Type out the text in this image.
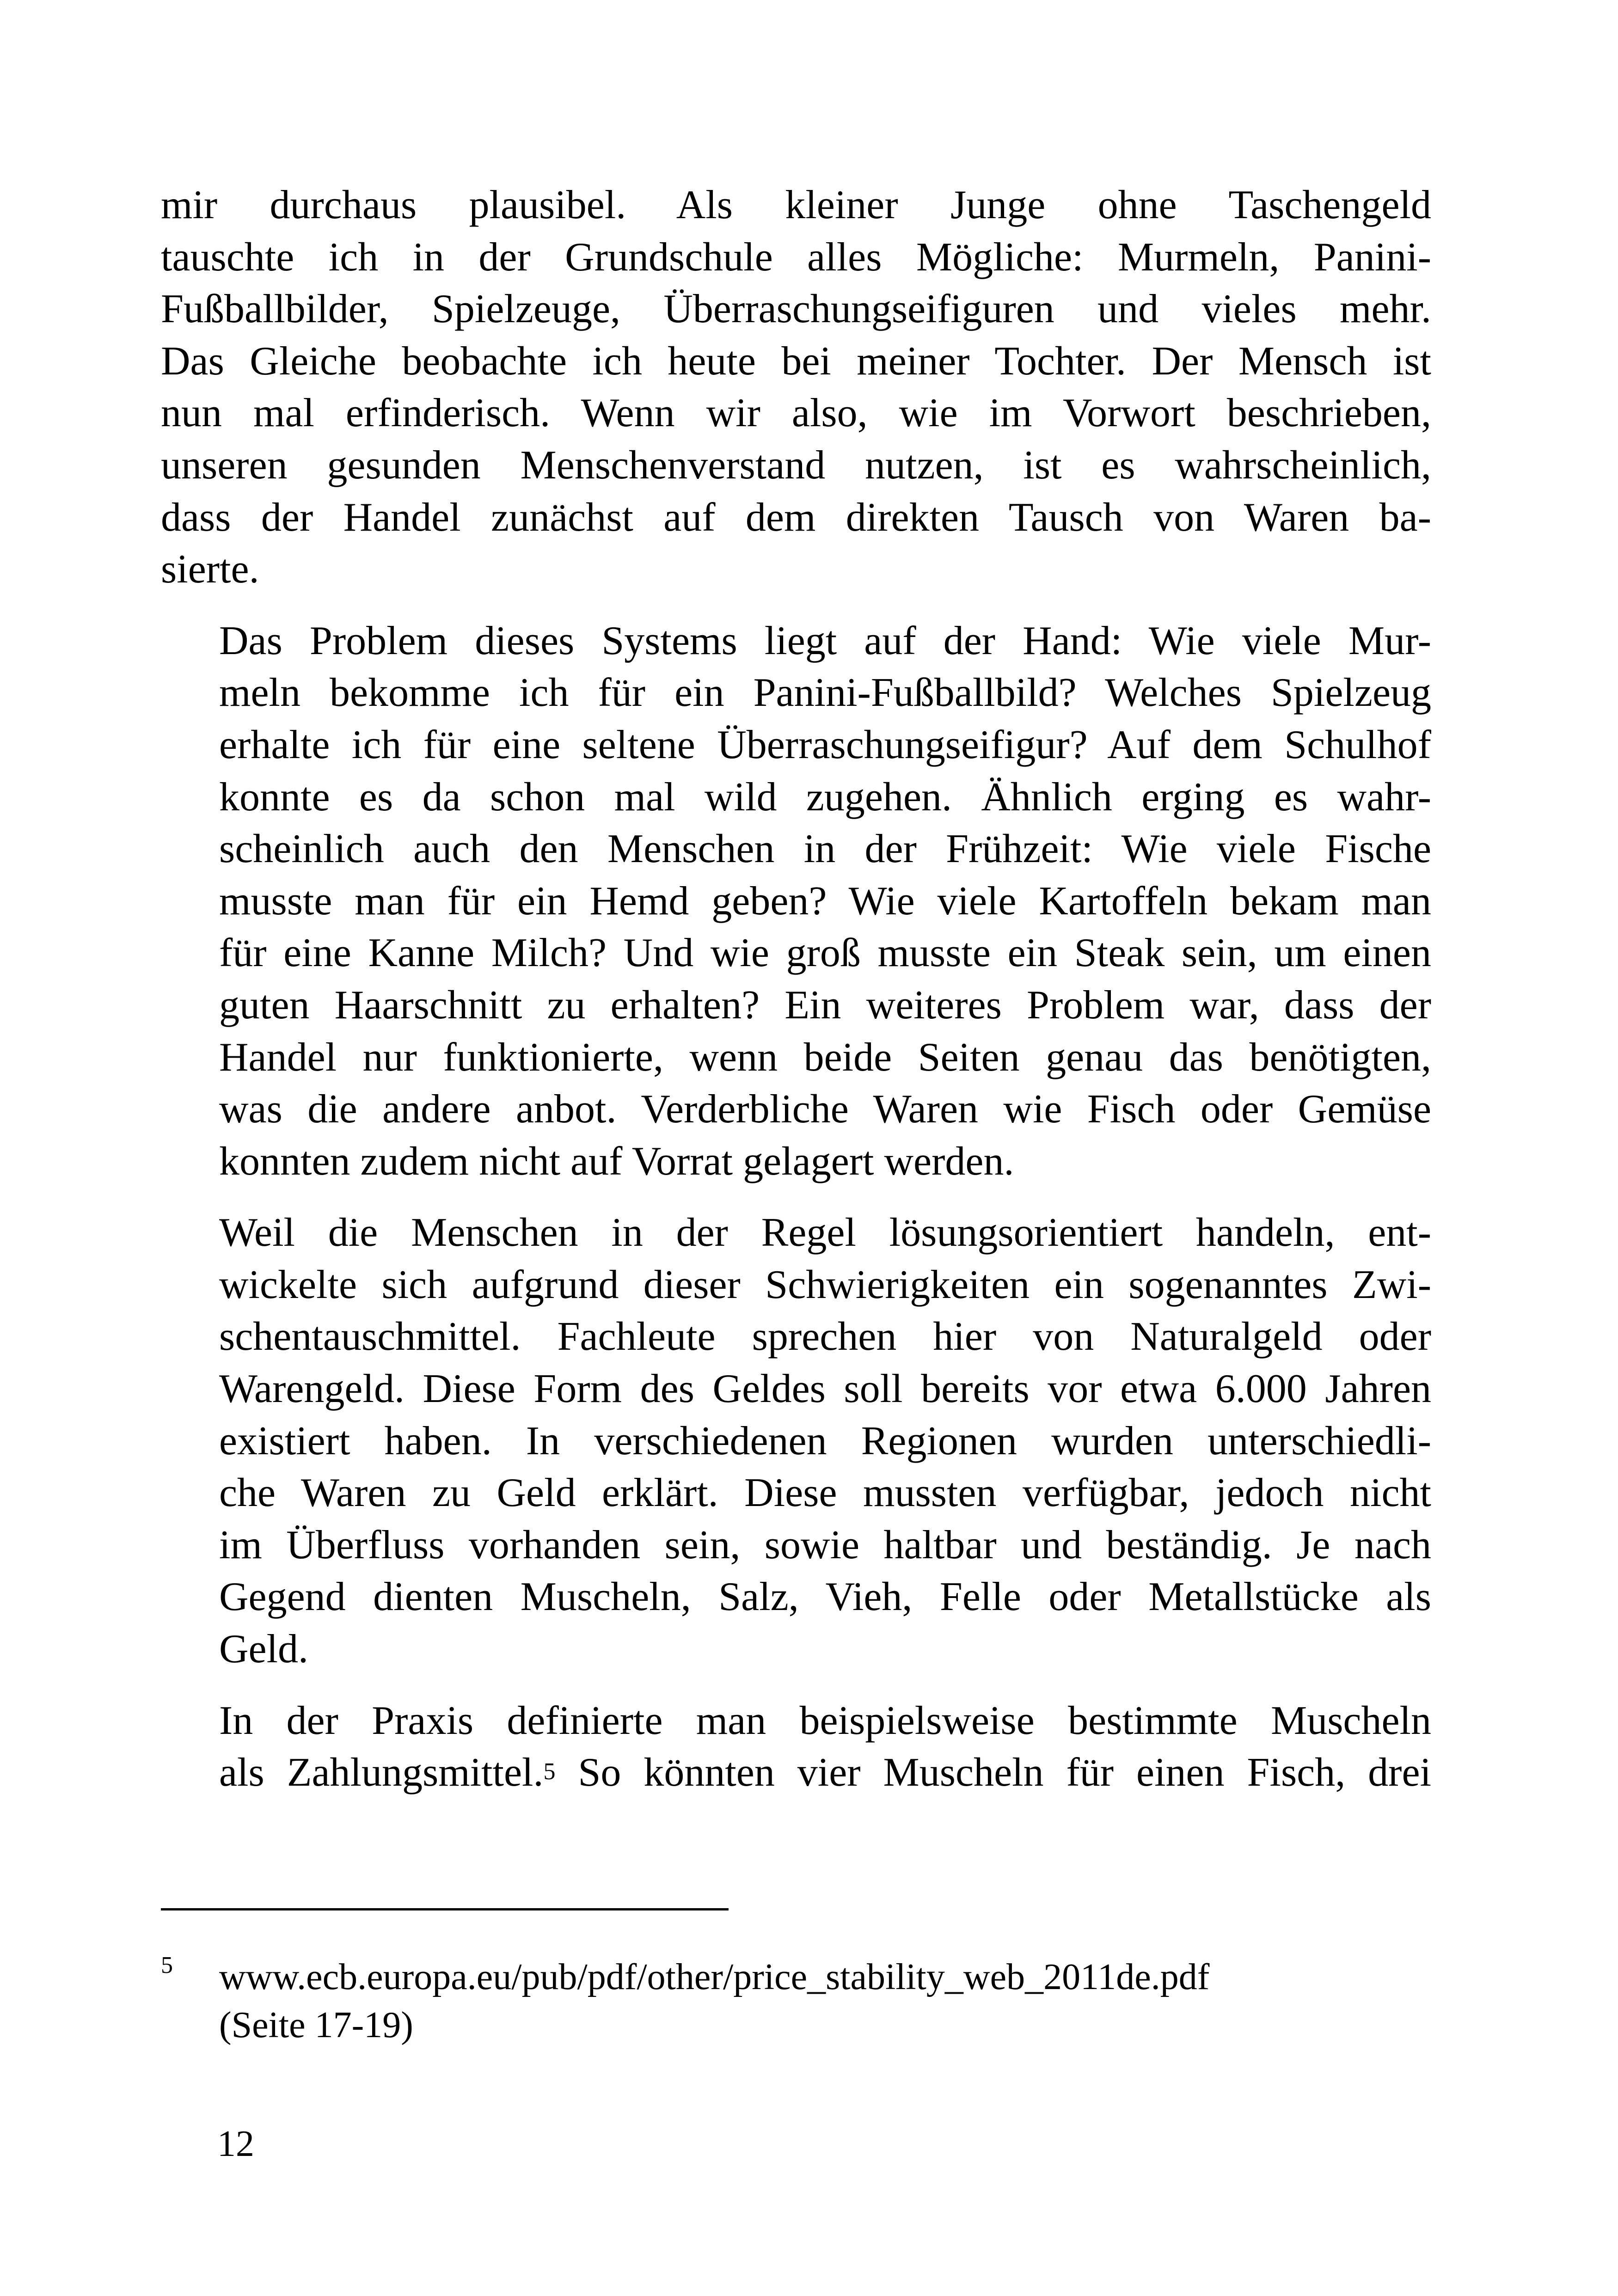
mir durchaus plausibel. Als kleiner Junge ohne Taschengeld
tauschte ich in der Grundschule alles Mögliche: Murmeln, Panini-
Fußballbilder, Spielzeuge, Überraschungseifiguren und vieles mehr.
Das Gleiche beobachte ich heute bei meiner Tochter. Der Mensch ist
nun mal erfinderisch. Wenn wir also, wie im Vorwort beschrieben,
unseren gesunden Menschenverstand nutzen, ist es wahrscheinlich,
dass der Handel zunächst auf dem direkten Tausch von Waren ba-
sierte.
Das Problem dieses Systems liegt auf der Hand: Wie viele Mur-
meln bekomme ich für ein Panini-Fußballbild? Welches Spielzeug
erhalte ich für eine seltene Überraschungseifigur? Auf dem Schulhof
konnte es da schon mal wild zugehen. Ähnlich erging es wahr-
scheinlich auch den Menschen in der Frühzeit: Wie viele Fische
musste man für ein Hemd geben? Wie viele Kartoffeln bekam man
für eine Kanne Milch? Und wie groß musste ein Steak sein, um einen
guten Haarschnitt zu erhalten? Ein weiteres Problem war, dass der
Handel nur funktionierte, wenn beide Seiten genau das benötigten,
was die andere anbot. Verderbliche Waren wie Fisch oder Gemüse
konnten zudem nicht auf Vorrat gelagert werden.
Weil die Menschen in der Regel lösungsorientiert handeln, ent-
wickelte sich aufgrund dieser Schwierigkeiten ein sogenanntes Zwi-
schentauschmittel. Fachleute sprechen hier von Naturalgeld oder
Warengeld. Diese Form des Geldes soll bereits vor etwa 6.000 Jahren
existiert haben. In verschiedenen Regionen wurden unterschiedli-
che Waren zu Geld erklärt. Diese mussten verfügbar, jedoch nicht
im Überfluss vorhanden sein, sowie haltbar und beständig. Je nach
Gegend dienten Muscheln, Salz, Vieh, Felle oder Metallstücke als
Geld.
In der Praxis definierte man beispielsweise bestimmte Muscheln
als Zahlungsmittel.$^5$ So könnten vier Muscheln für einen Fisch, drei
5 www.ecb.europa.eu/pub/pdf/other/price_stability_web_2011de.pdf
(Seite 17-19)
12
